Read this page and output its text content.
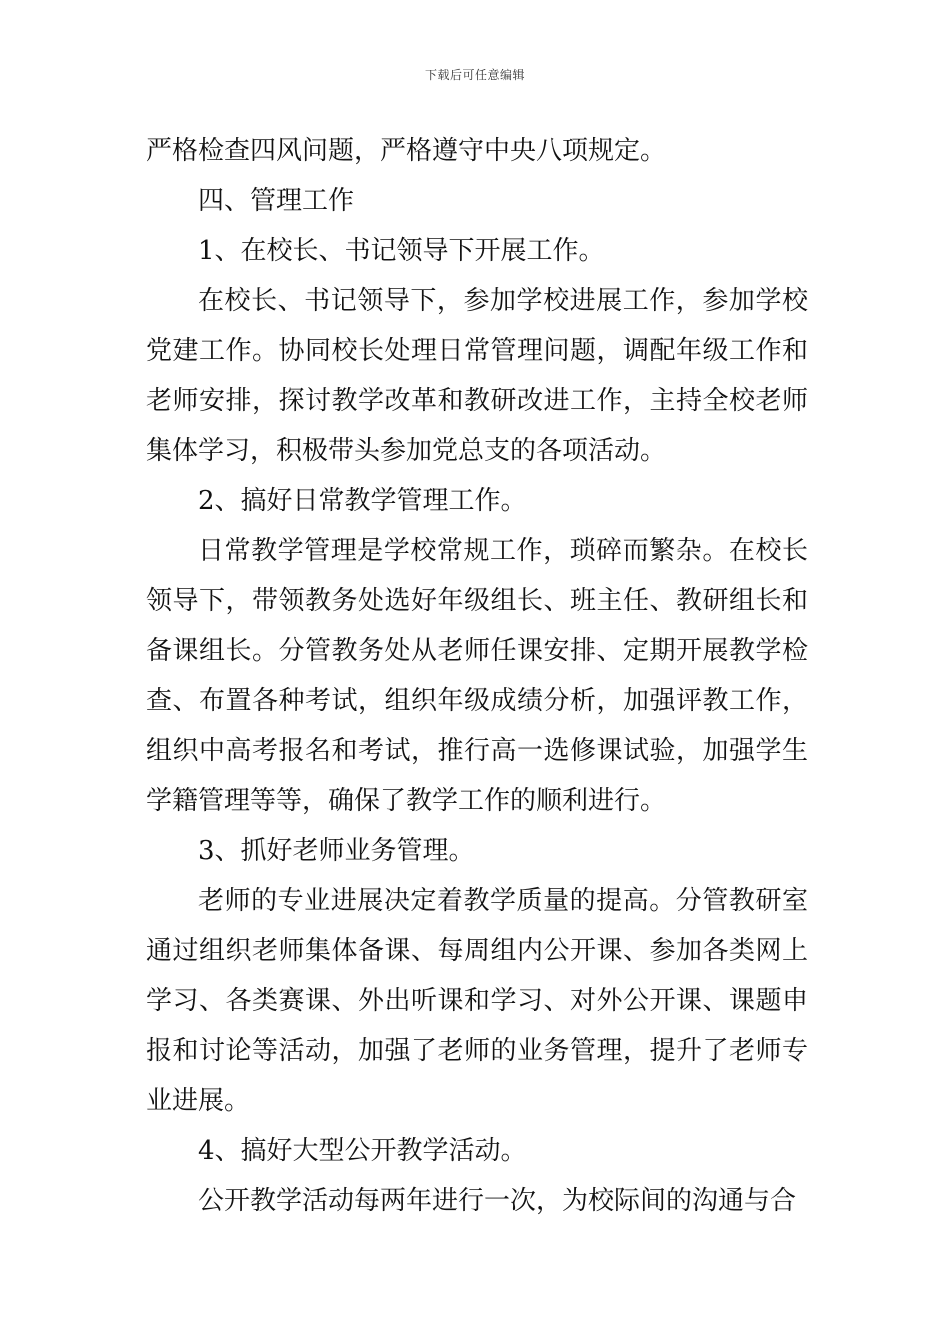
下载后可任意编辑

严格检查四风问题，严格遵守中央八项规定。

四、管理工作

1、在校长、书记领导下开展工作。

在校长、书记领导下，参加学校进展工作，参加学校党建工作。协同校长处理日常管理问题，调配年级工作和老师安排，探讨教学改革和教研改进工作，主持全校老师集体学习，积极带头参加党总支的各项活动。

2、搞好日常教学管理工作。

日常教学管理是学校常规工作，琐碎而繁杂。在校长领导下，带领教务处选好年级组长、班主任、教研组长和备课组长。分管教务处从老师任课安排、定期开展教学检查、布置各种考试，组织年级成绩分析，加强评教工作，组织中高考报名和考试，推行高一选修课试验，加强学生学籍管理等等，确保了教学工作的顺利进行。

3、抓好老师业务管理。

老师的专业进展决定着教学质量的提高。分管教研室通过组织老师集体备课、每周组内公开课、参加各类网上学习、各类赛课、外出听课和学习、对外公开课、课题申报和讨论等活动，加强了老师的业务管理，提升了老师专业进展。

4、搞好大型公开教学活动。

公开教学活动每两年进行一次，为校际间的沟通与合
